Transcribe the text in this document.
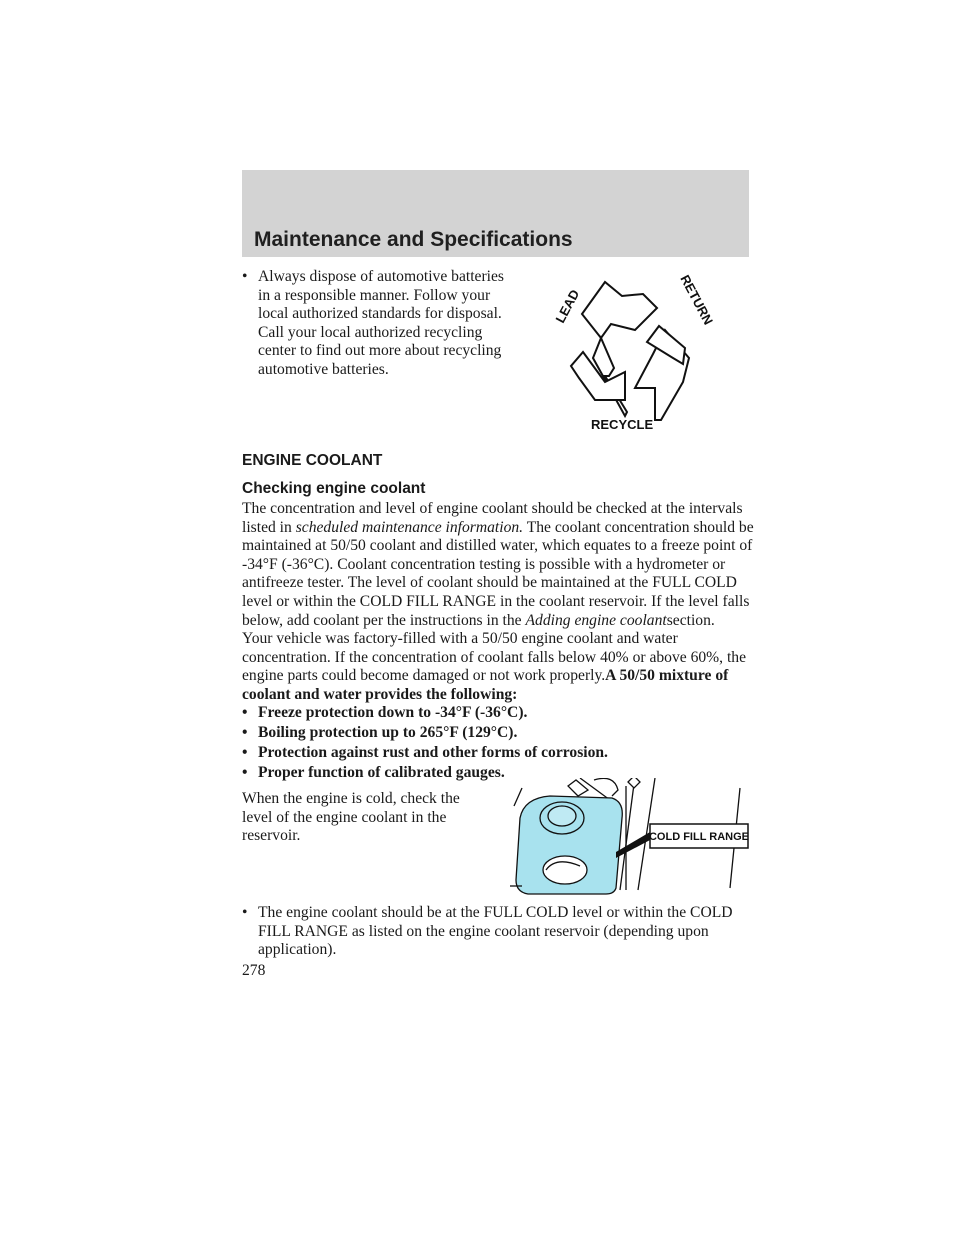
Maintenance and Specifications
• Always dispose of automotive batteries in a responsible manner. Follow your local authorized standards for disposal. Call your local authorized recycling center to find out more about recycling automotive batteries.
LEAD	RETURN
RECYCLE
ENGINE COOLANT
Checking engine coolant

The concentration and level of engine coolant should be checked at the intervals listed in scheduled maintenance information. The coolant concentration should be maintained at 50/50 coolant and distilled water, which equates to a freeze point of -34°F (-36°C). Coolant concentration testing is possible with a hydrometer or antifreeze tester. The level of coolant should be maintained at the FULL COLD level or within the COLD FILL RANGE in the coolant reservoir. If the level falls below, add coolant per the instructions in the Adding engine coolantsection.

Your vehicle was factory-filled with a 50/50 engine coolant and water concentration. If the concentration of coolant falls below 40% or above 60%, the engine parts could become damaged or not work properly.A 50/50 mixture of coolant and water provides the following:

• Freeze protection down to -34°F (-36°C).
• Boiling protection up to 265°F (129°C).
• Protection against rust and other forms of corrosion.
• Proper function of calibrated gauges.

When the engine is cold, check the level of the engine coolant in the reservoir.	COLD FILL RANGE
• The engine coolant should be at the FULL COLD level or within the COLD FILL RANGE as listed on the engine coolant reservoir (depending upon application).
278
